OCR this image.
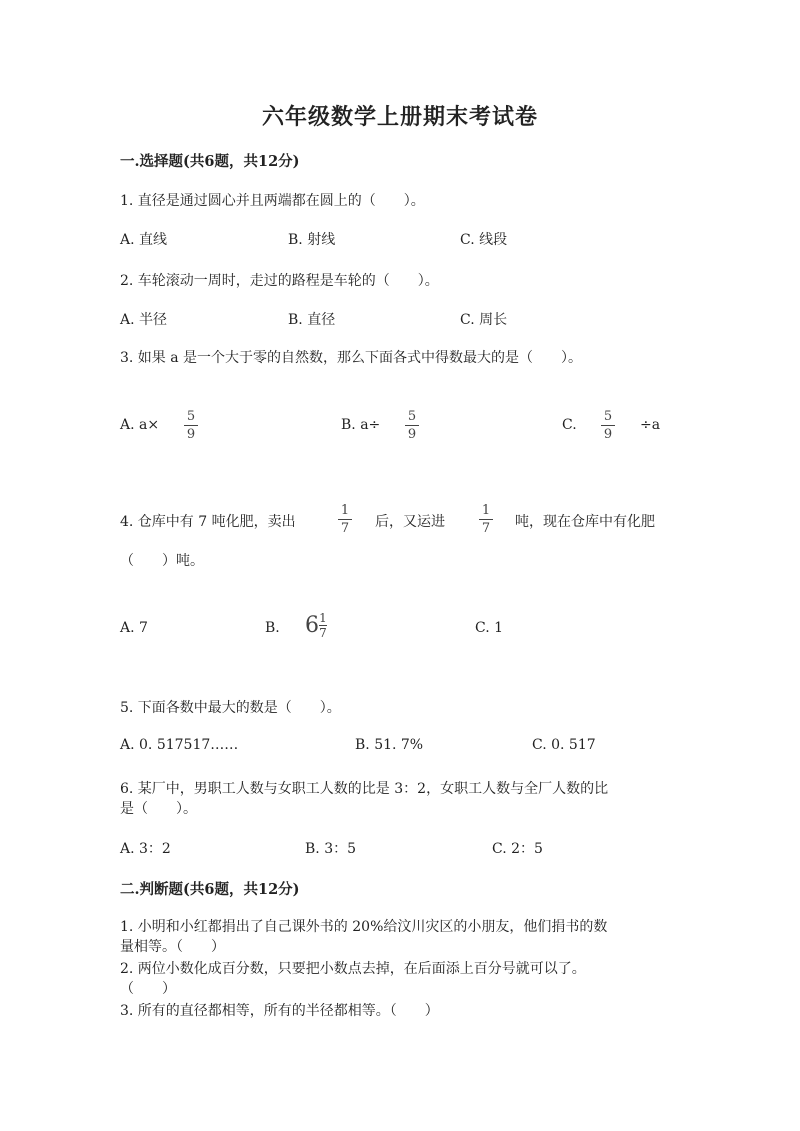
六年级数学上册期末考试卷
一.选择题(共6题，共12分)
1. 直径是通过圆心并且两端都在圆上的（　　）。
A. 直线	B. 射线	C. 线段
2. 车轮滚动一周时，走过的路程是车轮的（　　）。
A. 半径	B. 直径	C. 周长
3. 如果 a 是一个大于零的自然数，那么下面各式中得数最大的是（　　）。
A. a×
5
9
B. a÷
5
9
C.
5
9
÷a
4. 仓库中有 7 吨化肥，卖出
1
7	后，又运进
1
7	吨，现在仓库中有化肥
（　　）吨。
A. 7	B. 6 1
7	C. 1
5. 下面各数中最大的数是（　　）。
A. 0. 517517……	B. 51. 7%	C. 0. 517
6. 某厂中，男职工人数与女职工人数的比是 3：2，女职工人数与全厂人数的比
是（　　）。
A. 3：2	B. 3：5	C. 2：5
二.判断题(共6题，共12分)
1. 小明和小红都捐出了自己课外书的 20%给汶川灾区的小朋友，他们捐书的数
量相等。（　　）
2. 两位小数化成百分数，只要把小数点去掉，在后面添上百分号就可以了。
（　　）
3. 所有的直径都相等，所有的半径都相等。（　　）
